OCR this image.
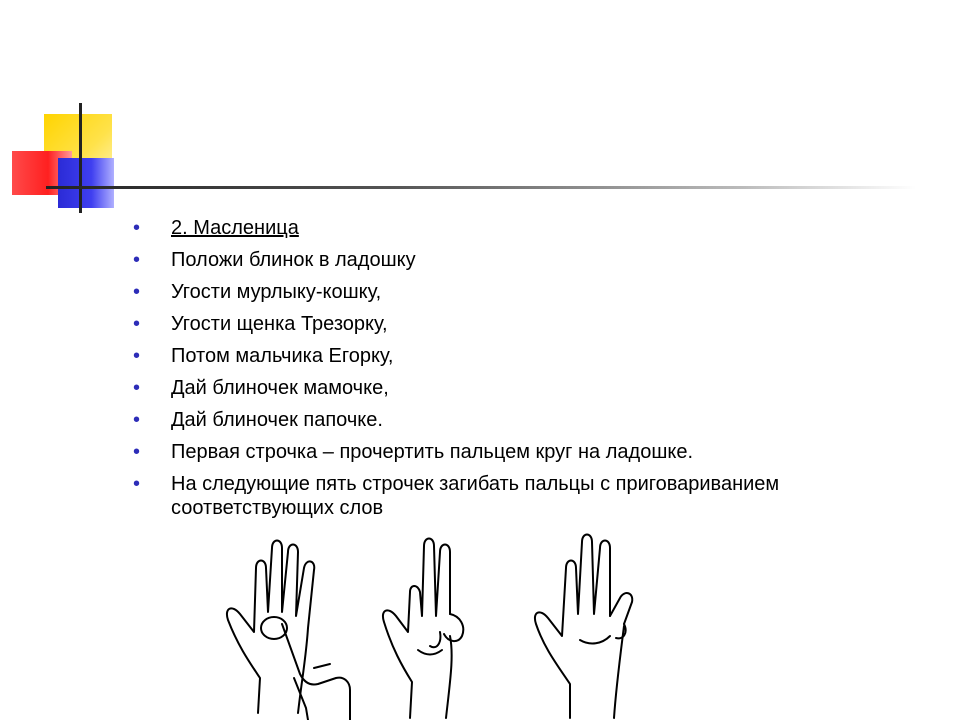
• 2. Масленица
• Положи блинок в ладошку
• Угости мурлыку-кошку,
• Угости щенка Трезорку,
• Потом мальчика Егорку,
• Дай блиночек мамочке,
• Дай блиночек папочке.
• Первая строчка – прочертить пальцем круг на ладошке.
• На следующие пять строчек загибать пальцы с приговариванием соответствующих слов
